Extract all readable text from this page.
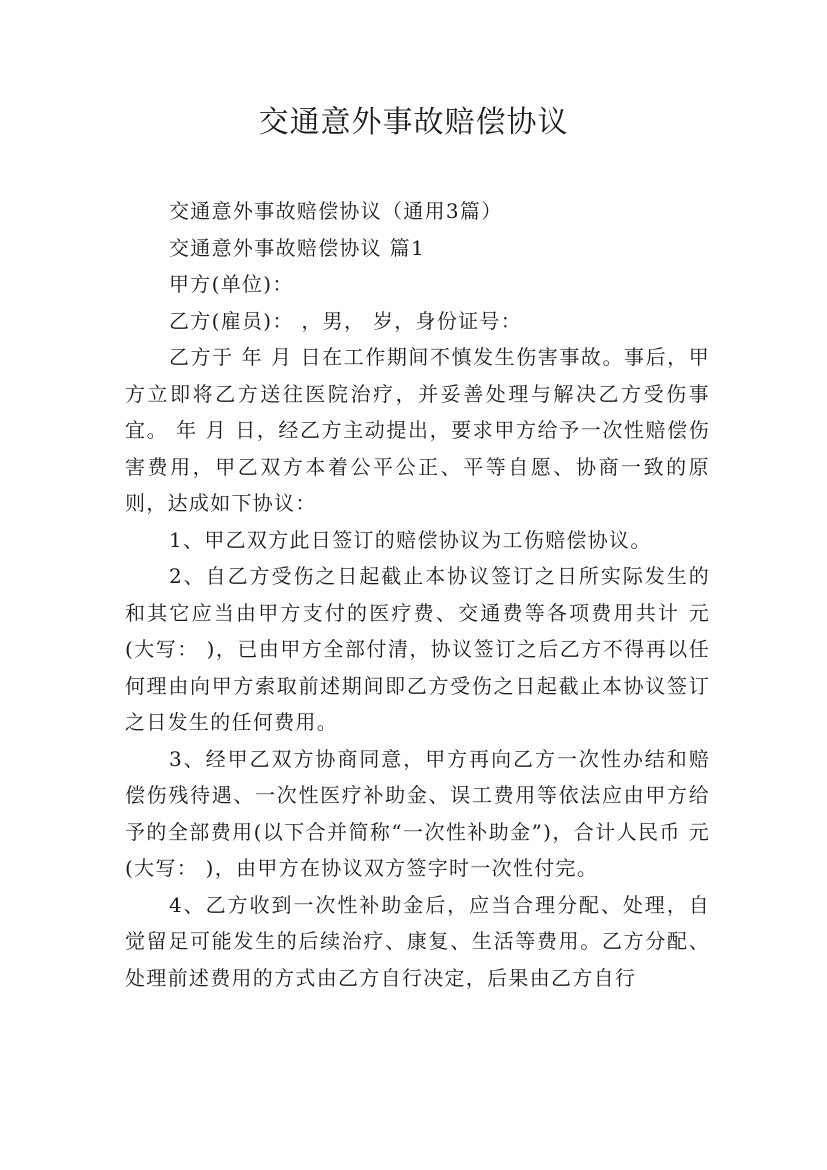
交通意外事故赔偿协议

交通意外事故赔偿协议（通用3篇）

交通意外事故赔偿协议 篇1

甲方(单位)：

乙方(雇员)： ，男， 岁，身份证号：

乙方于 年 月 日在工作期间不慎发生伤害事故。事后，甲方立即将乙方送往医院治疗，并妥善处理与解决乙方受伤事宜。 年 月 日，经乙方主动提出，要求甲方给予一次性赔偿伤害费用，甲乙双方本着公平公正、平等自愿、协商一致的原则，达成如下协议：

1、甲乙双方此日签订的赔偿协议为工伤赔偿协议。

2、自乙方受伤之日起截止本协议签订之日所实际发生的和其它应当由甲方支付的医疗费、交通费等各项费用共计 元(大写： )，已由甲方全部付清，协议签订之后乙方不得再以任何理由向甲方索取前述期间即乙方受伤之日起截止本协议签订之日发生的任何费用。

3、经甲乙双方协商同意，甲方再向乙方一次性办结和赔偿伤残待遇、一次性医疗补助金、误工费用等依法应由甲方给予的全部费用(以下合并简称“一次性补助金”)，合计人民币 元(大写： )，由甲方在协议双方签字时一次性付完。

4、乙方收到一次性补助金后，应当合理分配、处理，自觉留足可能发生的后续治疗、康复、生活等费用。乙方分配、处理前述费用的方式由乙方自行决定，后果由乙方自行
